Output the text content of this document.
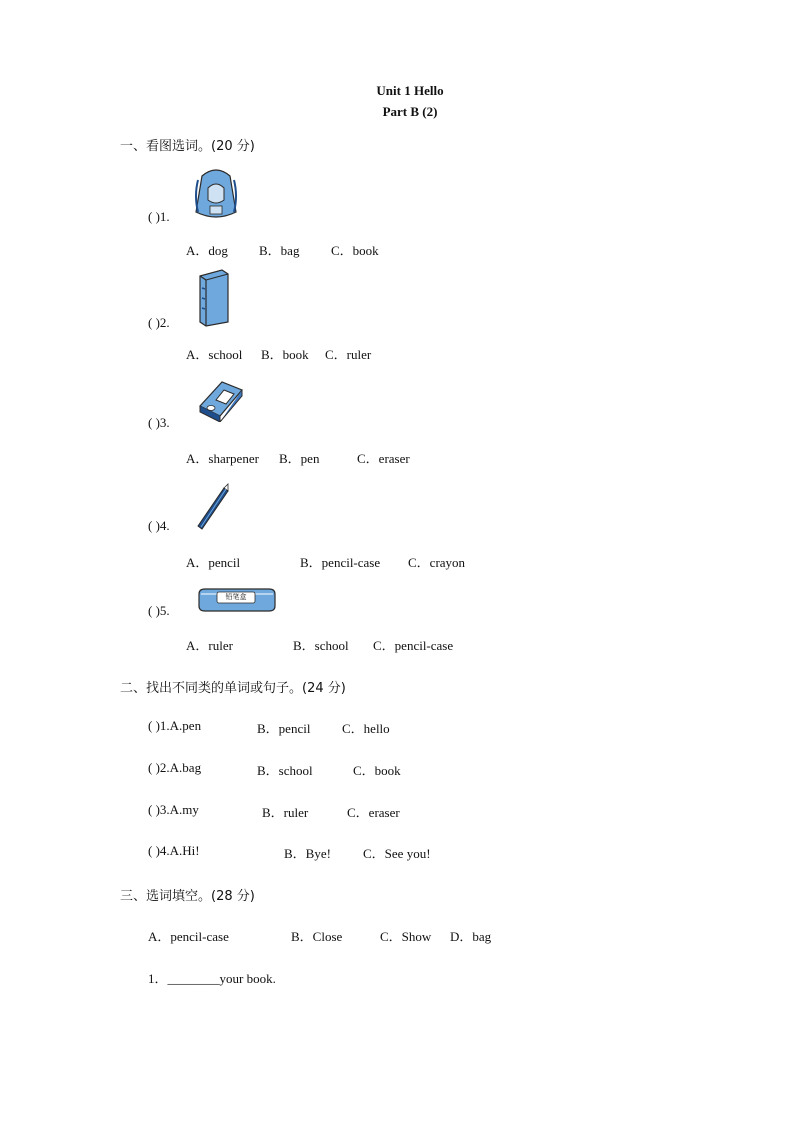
Unit 1 Hello
Part B (2)
一、看图选词。(20 分)
( )1.
A．dog B．bag C．book
( )2.
A．school B．book C．ruler
( )3.
A．sharpener B．pen	C．eraser
( )4.
A．pencil	B．pencil-case C．crayon
铅笔盒
( )5.
A．ruler	B．school C．pencil-case
二、找出不同类的单词或句子。(24 分)
( )1.A.pen	B．pencil C．hello
( )2.A.bag	B．school	C．book
( )3.A.my	B．ruler	C．eraser
( )4.A.Hi!	B．Bye! C．See you!
三、选词填空。(28 分)
A．pencil-case	B．Close	C．Show D．bag
1．________your book.
